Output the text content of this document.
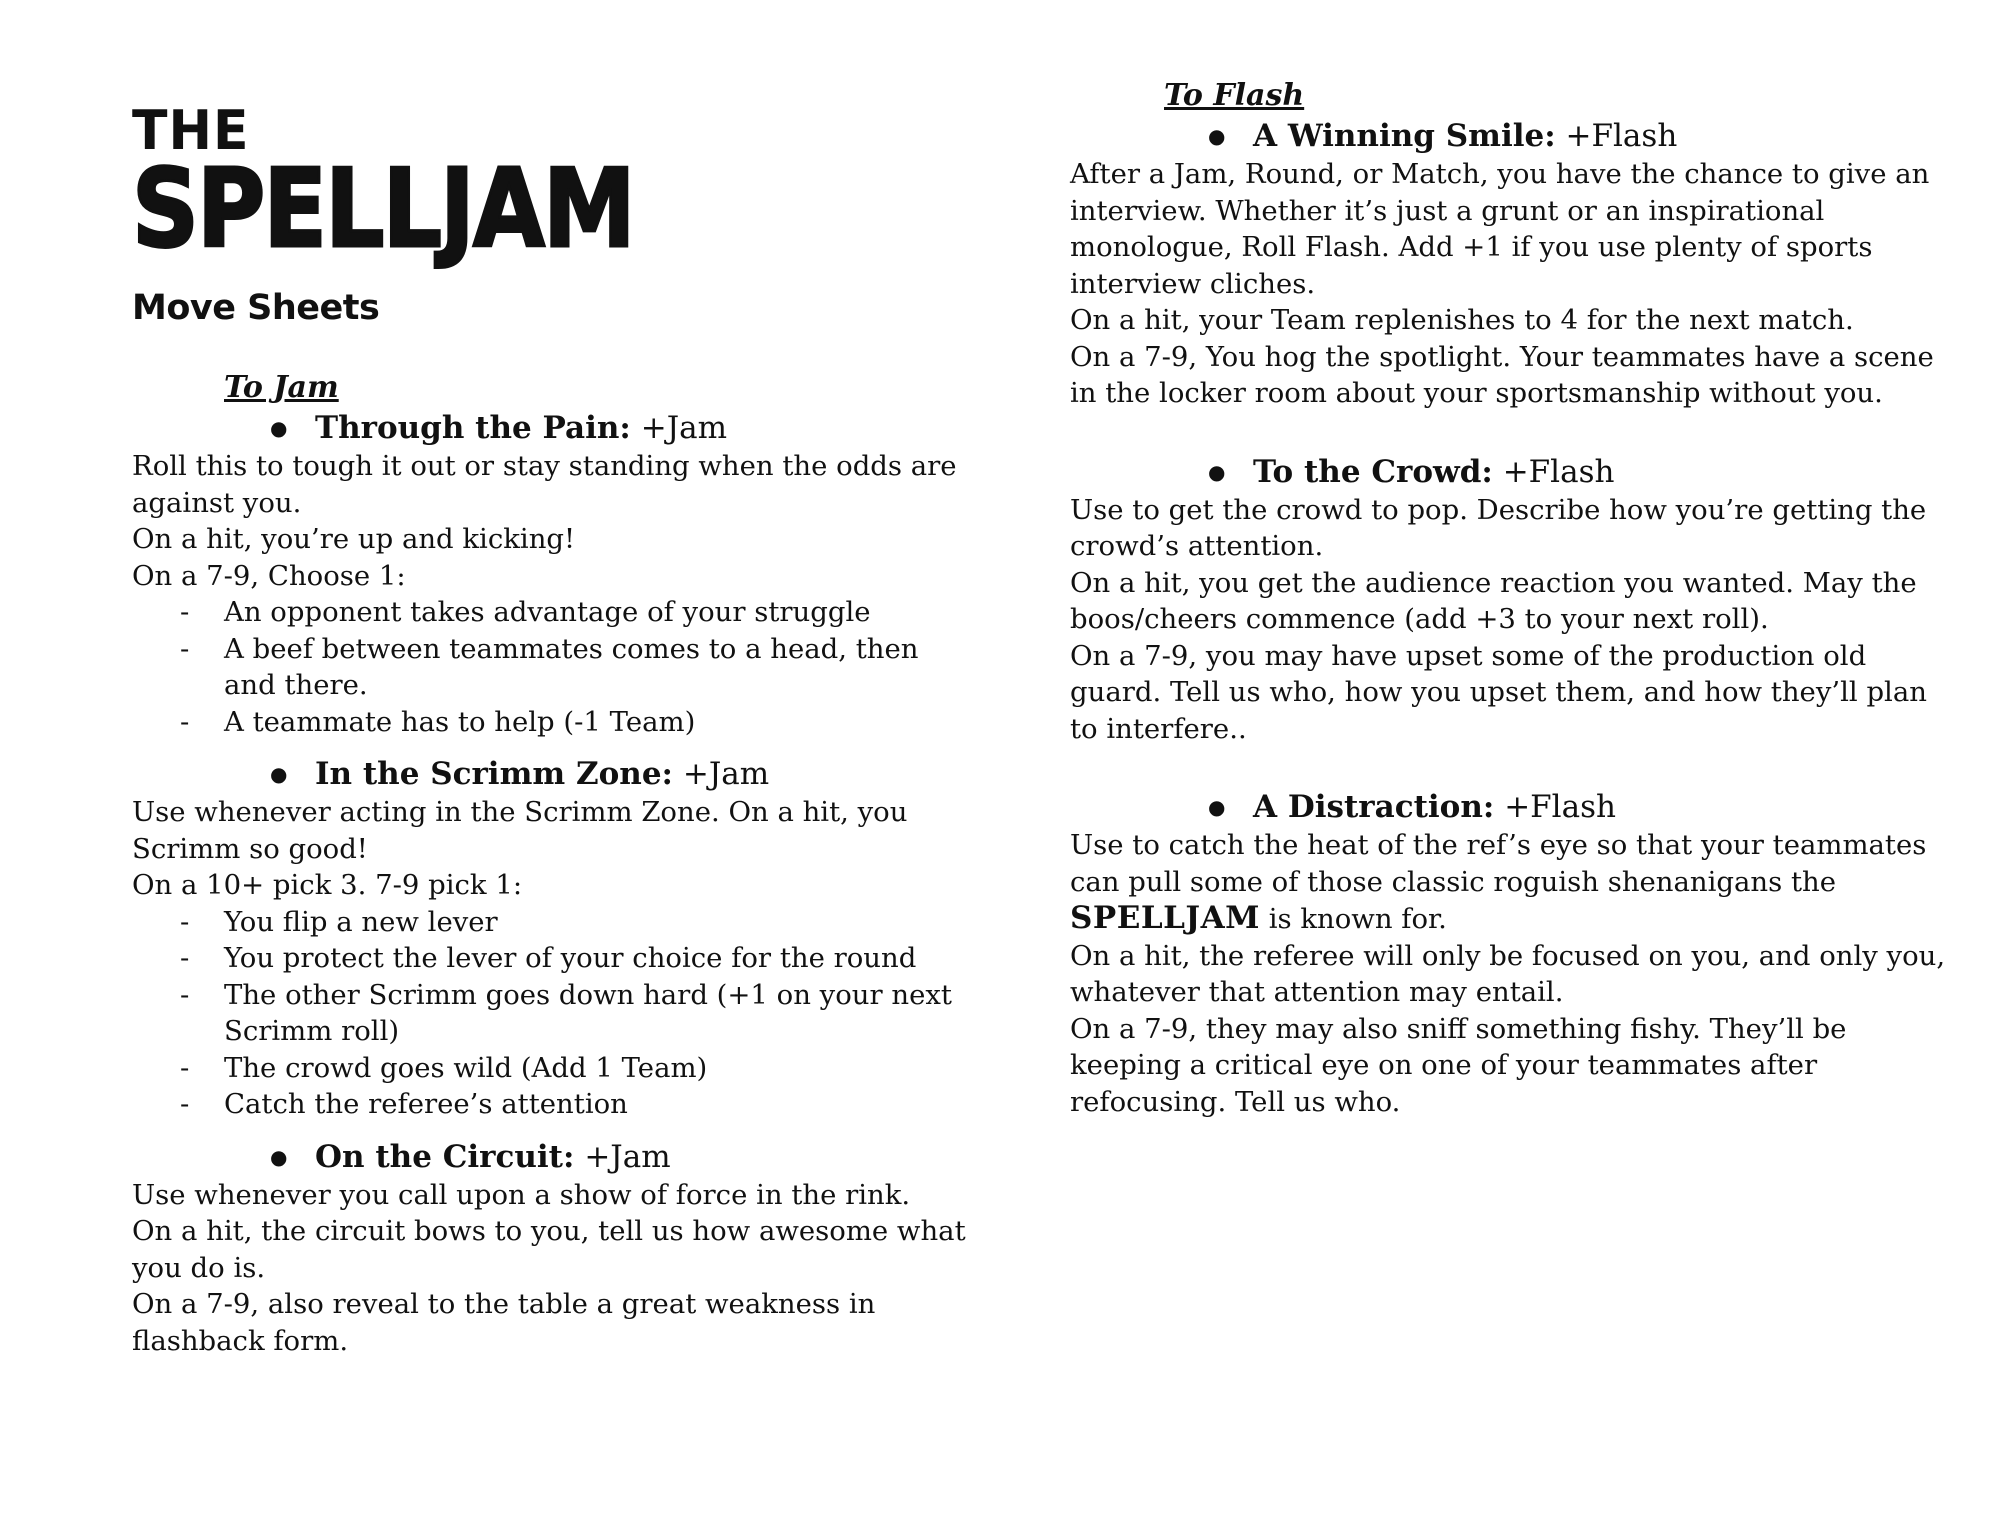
THE
SPELLJAM
Move Sheets

To Jam

● Through the Pain: +Jam

Roll this to tough it out or stay standing when the odds are against you.

On a hit, you’re up and kicking!

On a 7-9, Choose 1:

- An opponent takes advantage of your struggle
- A beef between teammates comes to a head, then and there.
- A teammate has to help (-1 Team)
● In the Scrimm Zone: +Jam

Use whenever acting in the Scrimm Zone. On a hit, you Scrimm so good!

On a 10+ pick 3. 7-9 pick 1:

- You flip a new lever
- You protect the lever of your choice for the round
- The other Scrimm goes down hard (+1 on your next Scrimm roll)
- The crowd goes wild (Add 1 Team)
- Catch the referee’s attention
● On the Circuit: +Jam

Use whenever you call upon a show of force in the rink.

On a hit, the circuit bows to you, tell us how awesome what you do is.

On a 7-9, also reveal to the table a great weakness in flashback form.

To Flash

● A Winning Smile: +Flash

After a Jam, Round, or Match, you have the chance to give an interview. Whether it’s just a grunt or an inspirational monologue, Roll Flash. Add +1 if you use plenty of sports interview cliches.

On a hit, your Team replenishes to 4 for the next match.

On a 7-9, You hog the spotlight. Your teammates have a scene in the locker room about your sportsmanship without you.

● To the Crowd: +Flash

Use to get the crowd to pop. Describe how you’re getting the crowd’s attention.

On a hit, you get the audience reaction you wanted. May the boos/cheers commence (add +3 to your next roll).

On a 7-9, you may have upset some of the production old guard. Tell us who, how you upset them, and how they’ll plan to interfere..

● A Distraction: +Flash

Use to catch the heat of the ref’s eye so that your teammates can pull some of those classic roguish shenanigans the SPELLJAM is known for.

On a hit, the referee will only be focused on you, and only you, whatever that attention may entail.

On a 7-9, they may also sniff something fishy. They’ll be keeping a critical eye on one of your teammates after refocusing. Tell us who.
